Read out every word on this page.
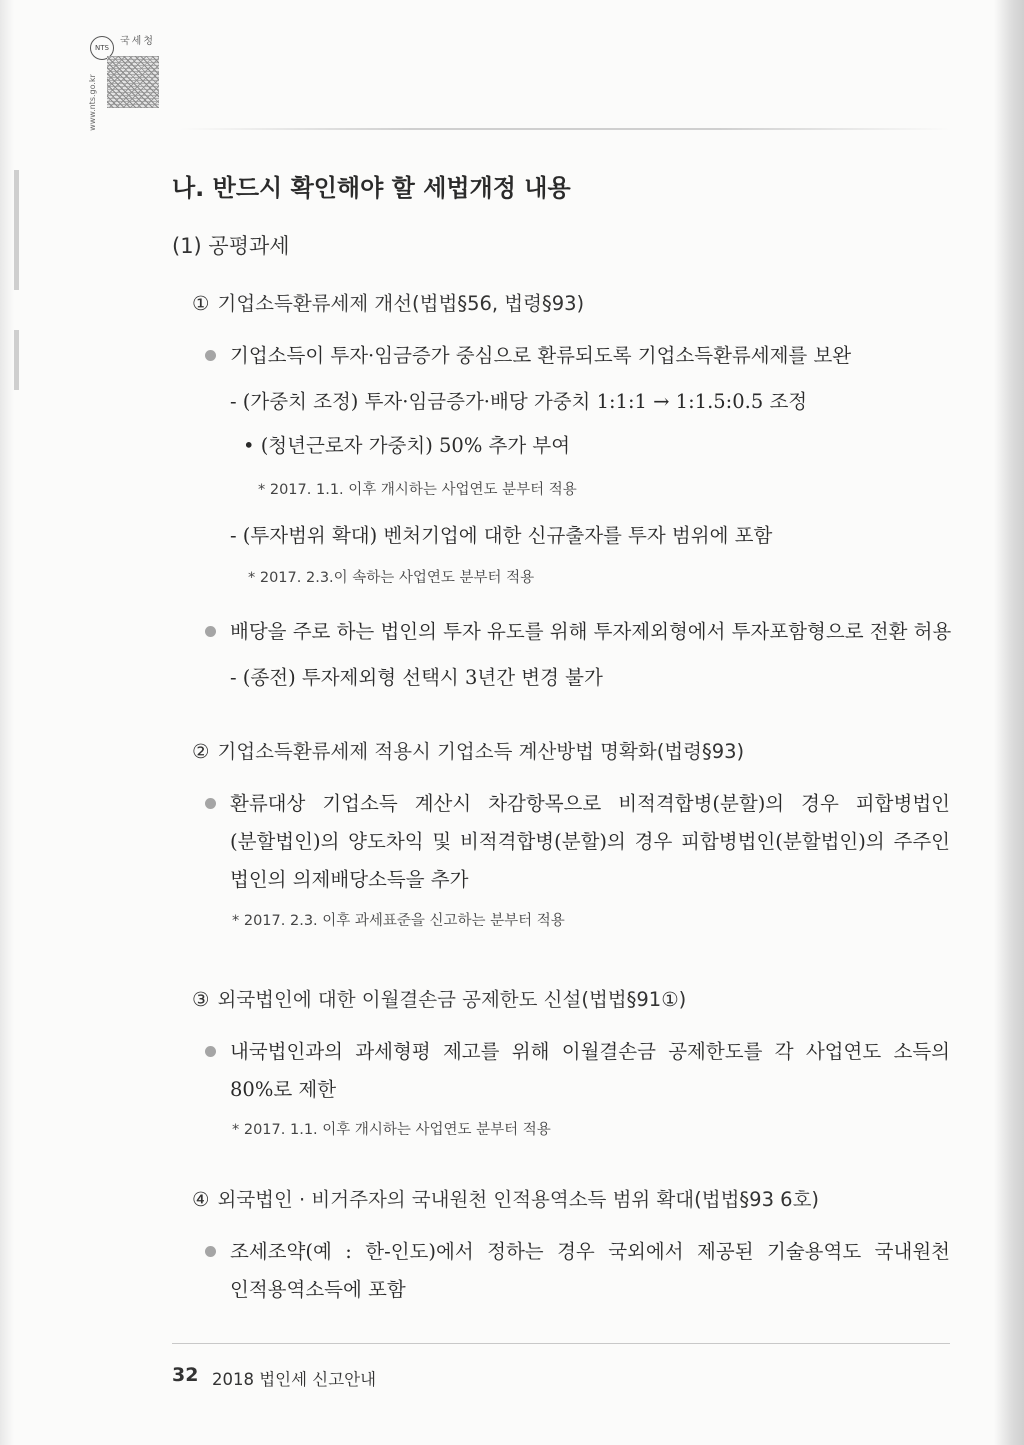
NTS
국세청
www.nts.go.kr
나. 반드시 확인해야 할 세법개정 내용
(1) 공평과세
① 기업소득환류세제 개선(법법§56, 법령§93)
기업소득이 투자·임금증가 중심으로 환류되도록 기업소득환류세제를 보완
- (가중치 조정) 투자·임금증가·배당 가중치 1:1:1 → 1:1.5:0.5 조정
• (청년근로자 가중치) 50% 추가 부여
* 2017. 1.1. 이후 개시하는 사업연도 분부터 적용
- (투자범위 확대) 벤처기업에 대한 신규출자를 투자 범위에 포함
* 2017. 2.3.이 속하는 사업연도 분부터 적용
배당을 주로 하는 법인의 투자 유도를 위해 투자제외형에서 투자포함형으로 전환 허용
- (종전) 투자제외형 선택시 3년간 변경 불가
② 기업소득환류세제 적용시 기업소득 계산방법 명확화(법령§93)
환류대상 기업소득 계산시 차감항목으로 비적격합병(분할)의 경우 피합병법인
(분할법인)의 양도차익 및 비적격합병(분할)의 경우 피합병법인(분할법인)의 주주인
법인의 의제배당소득을 추가
* 2017. 2.3. 이후 과세표준을 신고하는 분부터 적용
③ 외국법인에 대한 이월결손금 공제한도 신설(법법§91①)
내국법인과의 과세형평 제고를 위해 이월결손금 공제한도를 각 사업연도 소득의
80%로 제한
* 2017. 1.1. 이후 개시하는 사업연도 분부터 적용
④ 외국법인 · 비거주자의 국내원천 인적용역소득 범위 확대(법법§93 6호)
조세조약(예 : 한-인도)에서 정하는 경우 국외에서 제공된 기술용역도 국내원천
인적용역소득에 포함
32 2018 법인세 신고안내
